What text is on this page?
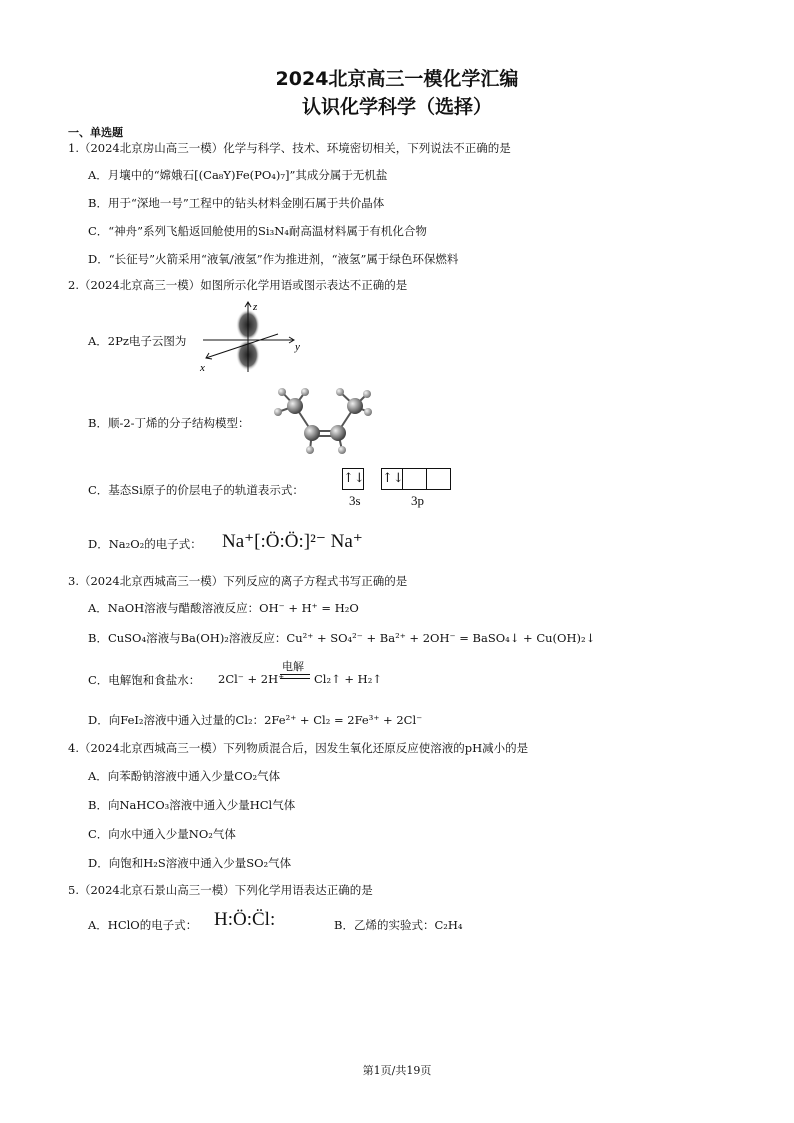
2024北京高三一模化学汇编
认识化学科学（选择）
一、单选题
1.（2024北京房山高三一模）化学与科学、技术、环境密切相关，下列说法不正确的是
A．月壤中的“嫦娥石[(Ca₈Y)Fe(PO₄)₇]”其成分属于无机盐
B．用于“深地一号”工程中的钻头材料金刚石属于共价晶体
C．“神舟”系列飞船返回舱使用的Si₃N₄耐高温材料属于有机化合物
D．“长征号”火箭采用“液氧/液氢”作为推进剂，“液氢”属于绿色环保燃料
2.（2024北京高三一模）如图所示化学用语或图示表达不正确的是
A．2Pz电子云图为
z
y
x
B．顺-2-丁烯的分子结构模型：
C．基态Si原子的价层电子的轨道表示式：
↑↓ ↑↓
3s	3p
D．Na₂O₂的电子式： Na⁺[:Ö:Ö:]²⁻ Na⁺
3.（2024北京西城高三一模）下列反应的离子方程式书写正确的是
A．NaOH溶液与醋酸溶液反应：OH⁻ + H⁺ = H₂O
B．CuSO₄溶液与Ba(OH)₂溶液反应：Cu²⁺ + SO₄²⁻ + Ba²⁺ + 2OH⁻ = BaSO₄↓ + Cu(OH)₂↓
C．电解饱和食盐水： 2Cl⁻ + 2H⁺
电解
Cl₂↑ + H₂↑
D．向FeI₂溶液中通入过量的Cl₂：2Fe²⁺ + Cl₂ = 2Fe³⁺ + 2Cl⁻
4.（2024北京西城高三一模）下列物质混合后，因发生氧化还原反应使溶液的pH减小的是
A．向苯酚钠溶液中通入少量CO₂气体
B．向NaHCO₃溶液中通入少量HCl气体
C．向水中通入少量NO₂气体
D．向饱和H₂S溶液中通入少量SO₂气体
5.（2024北京石景山高三一模）下列化学用语表达正确的是
A．HClO的电子式： H:Ö:C̈l:	B．乙烯的实验式：C₂H₄
第1页/共19页
